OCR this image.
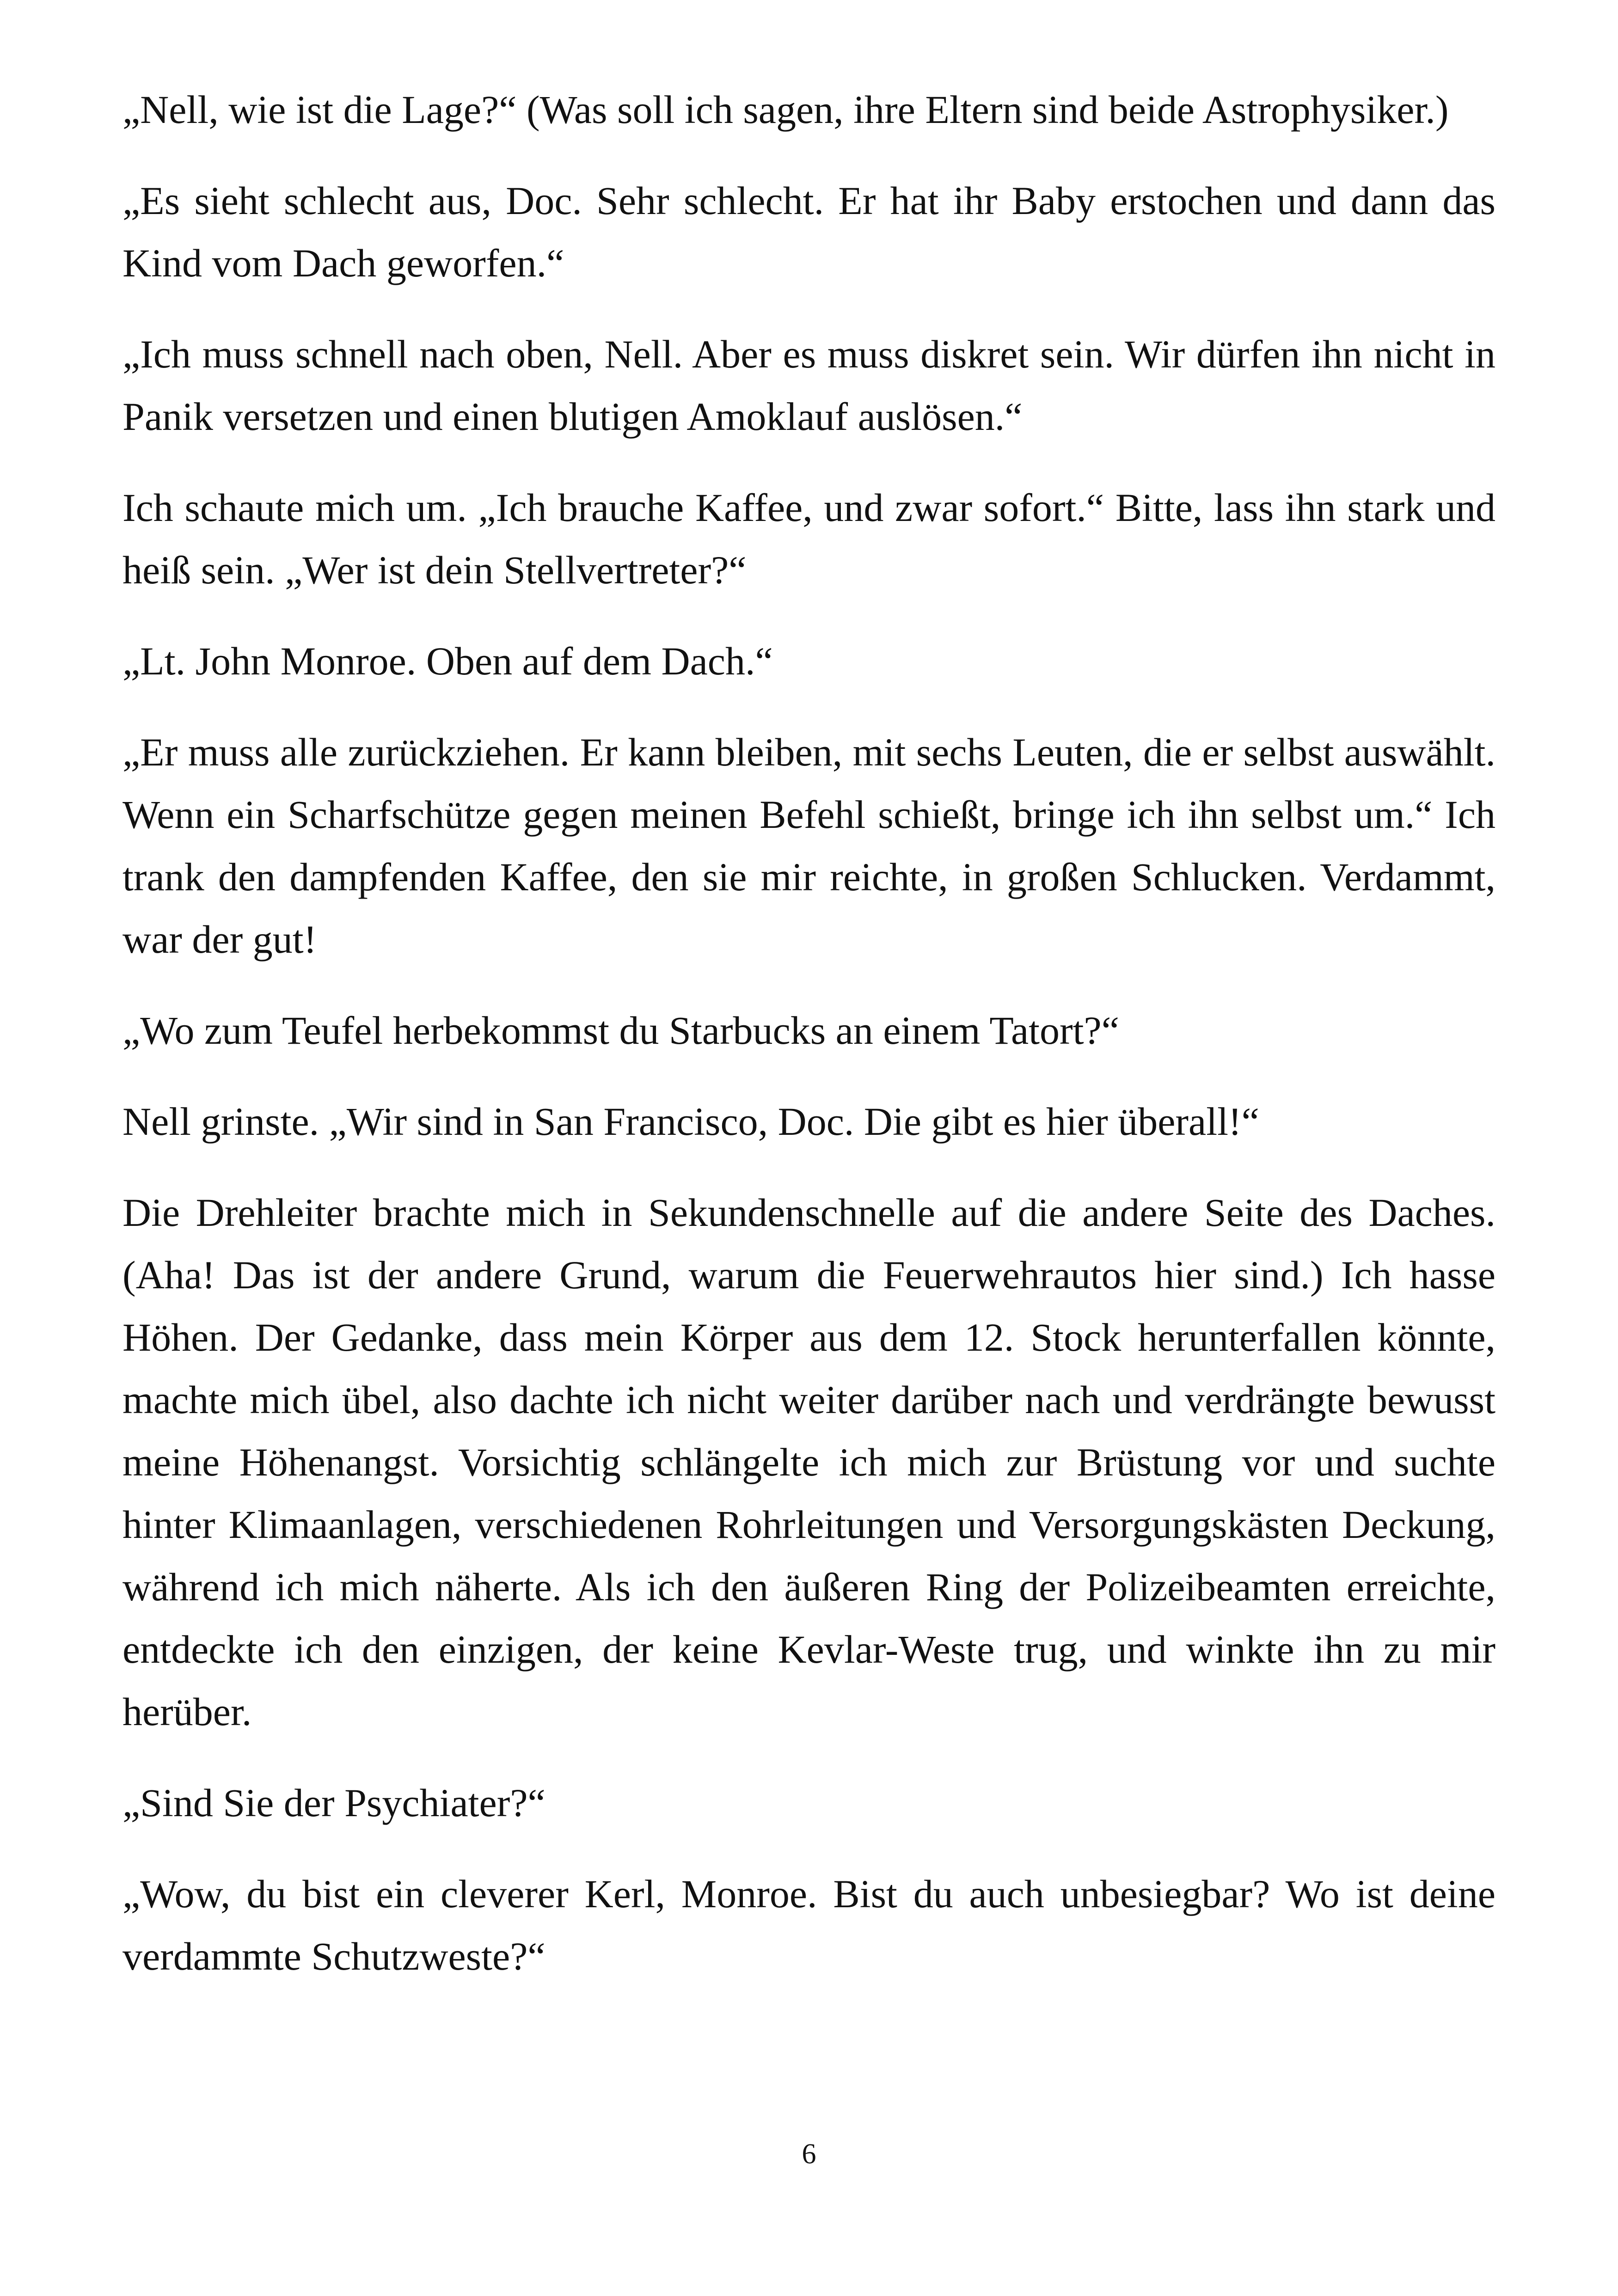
„Nell, wie ist die Lage?“ (Was soll ich sagen, ihre Eltern sind beide Astrophysiker.)

„Es sieht schlecht aus, Doc. Sehr schlecht. Er hat ihr Baby erstochen und dann das Kind vom Dach geworfen.“

„Ich muss schnell nach oben, Nell. Aber es muss diskret sein. Wir dürfen ihn nicht in Panik versetzen und einen blutigen Amoklauf auslösen.“

Ich schaute mich um. „Ich brauche Kaffee, und zwar sofort.“ Bitte, lass ihn stark und heiß sein. „Wer ist dein Stellvertreter?“

„Lt. John Monroe. Oben auf dem Dach.“

„Er muss alle zurückziehen. Er kann bleiben, mit sechs Leuten, die er selbst auswählt. Wenn ein Scharfschütze gegen meinen Befehl schießt, bringe ich ihn selbst um.“ Ich trank den dampfenden Kaffee, den sie mir reichte, in großen Schlucken. Verdammt, war der gut!

„Wo zum Teufel herbekommst du Starbucks an einem Tatort?“

Nell grinste. „Wir sind in San Francisco, Doc. Die gibt es hier überall!“

Die Drehleiter brachte mich in Sekundenschnelle auf die andere Seite des Daches. (Aha! Das ist der andere Grund, warum die Feuerwehrautos hier sind.) Ich hasse Höhen. Der Gedanke, dass mein Körper aus dem 12. Stock herunterfallen könnte, machte mich übel, also dachte ich nicht weiter darüber nach und verdrängte bewusst meine Höhenangst. Vorsichtig schlängelte ich mich zur Brüstung vor und suchte hinter Klimaanlagen, verschiedenen Rohrleitungen und Versorgungskästen Deckung, während ich mich näherte. Als ich den äußeren Ring der Polizeibeamten erreichte, entdeckte ich den einzigen, der keine Kevlar-Weste trug, und winkte ihn zu mir herüber.

„Sind Sie der Psychiater?“

„Wow, du bist ein cleverer Kerl, Monroe. Bist du auch unbesiegbar? Wo ist deine verdammte Schutzweste?“

6
